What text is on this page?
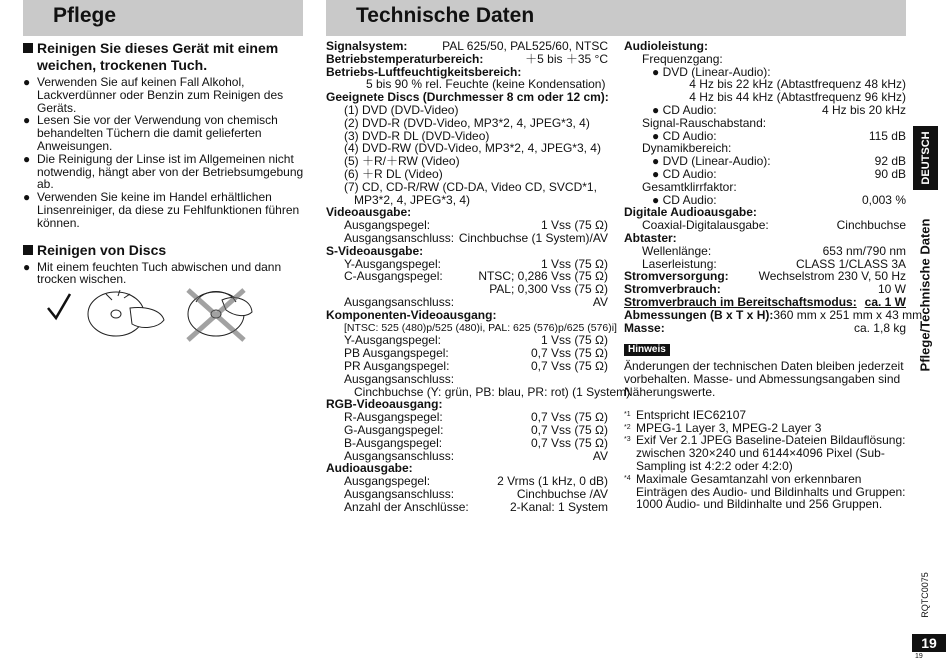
Pflege	Technische Daten
Reinigen Sie dieses Gerät mit einem weichen, trockenen Tuch.
● Verwenden Sie auf keinen Fall Alkohol, Lackverdünner oder Benzin zum Reinigen des Geräts.
● Lesen Sie vor der Verwendung von chemisch behandelten Tüchern die damit gelieferten Anweisungen.
● Die Reinigung der Linse ist im Allgemeinen nicht notwendig, hängt aber von der Betriebsumgebung ab.
● Verwenden Sie keine im Handel erhältlichen Linsenreiniger, da diese zu Fehlfunktionen führen können.
Reinigen von Discs
● Mit einem feuchten Tuch abwischen und dann trocken wischen.
Signalsystem:	PAL 625/50, PAL525/60, NTSC
Betriebstemperaturbereich:	＋5 bis ＋35 °C
Betriebs-Luftfeuchtigkeitsbereich:
5 bis 90 % rel. Feuchte (keine Kondensation)
Geeignete Discs (Durchmesser 8 cm oder 12 cm):
(1) DVD (DVD-Video)
(2) DVD-R (DVD-Video, MP3*2, 4, JPEG*3, 4)
(3) DVD-R DL (DVD-Video)
(4) DVD-RW (DVD-Video, MP3*2, 4, JPEG*3, 4)
(5) ＋R/＋RW (Video)
(6) ＋R DL (Video)
(7) CD, CD-R/RW (CD-DA, Video CD, SVCD*1,
MP3*2, 4, JPEG*3, 4)
Videoausgabe:
Ausgangspegel:	1 Vss (75 Ω)
Ausgangsanschluss: Cinchbuchse (1 System)/AV
S-Videoausgabe:
Y-Ausgangspegel:	1 Vss (75 Ω)
C-Ausgangspegel:	NTSC; 0,286 Vss (75 Ω)
PAL; 0,300 Vss (75 Ω)
Ausgangsanschluss:	AV
Komponenten-Videoausgang:
[NTSC: 525 (480)p/525 (480)i, PAL: 625 (576)p/625 (576)i]
Y-Ausgangspegel:	1 Vss (75 Ω)
PB Ausgangspegel:	0,7 Vss (75 Ω)
PR Ausgangspegel:	0,7 Vss (75 Ω)
Ausgangsanschluss:
Cinchbuchse (Y: grün, PB: blau, PR: rot) (1 System)
RGB-Videoausgang:
R-Ausgangspegel:	0,7 Vss (75 Ω)
G-Ausgangspegel:	0,7 Vss (75 Ω)
B-Ausgangspegel:	0,7 Vss (75 Ω)
Ausgangsanschluss:	AV
Audioausgabe:
Ausgangspegel:	2 Vrms (1 kHz, 0 dB)
Ausgangsanschluss:	Cinchbuchse /AV
Anzahl der Anschlüsse:	2-Kanal: 1 System
Audioleistung:
Frequenzgang:
● DVD (Linear-Audio):
4 Hz bis 22 kHz (Abtastfrequenz 48 kHz)
4 Hz bis 44 kHz (Abtastfrequenz 96 kHz)
● CD Audio:	4 Hz bis 20 kHz
Signal-Rauschabstand:
● CD Audio:	115 dB
Dynamikbereich:
● DVD (Linear-Audio):	92 dB
● CD Audio:	90 dB
Gesamtklirrfaktor:
● CD Audio:	0,003 %
Digitale Audioausgabe:
Coaxial-Digitalausgabe:	Cinchbuchse
Abtaster:
Wellenlänge:	653 nm/790 nm
Laserleistung:	CLASS 1/CLASS 3A
Stromversorgung: Wechselstrom 230 V, 50 Hz
Stromverbrauch:	10 W
Stromverbrauch im Bereitschaftsmodus: ca. 1 W
Abmessungen (B x T x H): 360 mm x 251 mm x 43 mm
Masse:	ca. 1,8 kg
Hinweis
Änderungen der technischen Daten bleiben jederzeit vorbehalten. Masse- und Abmessungsangaben sind Näherungswerte.
*1 Entspricht IEC62107
*2 MPEG-1 Layer 3, MPEG-2 Layer 3
*3 Exif Ver 2.1 JPEG Baseline-Dateien Bildauflösung: zwischen 320×240 und 6144×4096 Pixel (Sub-Sampling ist 4:2:2 oder 4:2:0)
*4 Maximale Gesamtanzahl von erkennbaren Einträgen des Audio- und Bildinhalts und Gruppen: 1000 Audio- und Bildinhalte und 256 Gruppen.
DEUTSCH
Pflege/Technische Daten
RQTC0075
19
19
